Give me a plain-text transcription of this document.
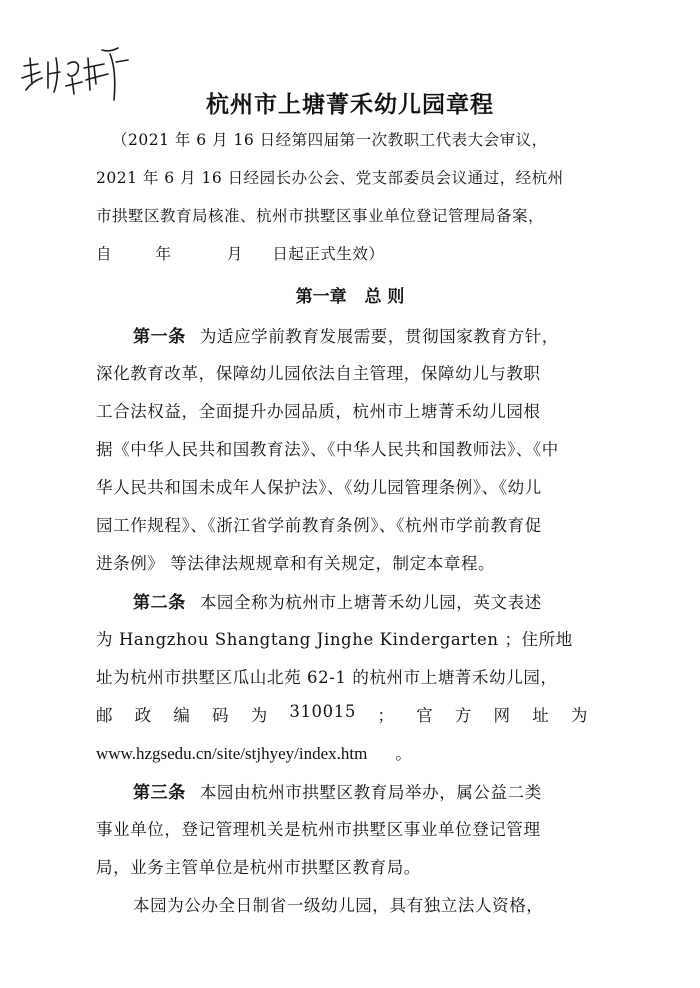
杭州市上塘菁禾幼儿园章程
（2021 年 6 月 16 日经第四届第一次教职工代表大会审议，
2021 年 6 月 16 日经园长办公会、党支部委员会议通过，经杭州
市拱墅区教育局核准、杭州市拱墅区事业单位登记管理局备案，
自	年	月 日起正式生效）
第一章 总 则
第一条 为适应学前教育发展需要，贯彻国家教育方针，
深化教育改革，保障幼儿园依法自主管理，保障幼儿与教职
工合法权益，全面提升办园品质，杭州市上塘菁禾幼儿园根
据《中华人民共和国教育法》、《中华人民共和国教师法》、《中
华人民共和国未成年人保护法》、《幼儿园管理条例》、《幼儿
园工作规程》、《浙江省学前教育条例》、《杭州市学前教育促
进条例》 等法律法规规章和有关规定，制定本章程。
第二条 本园全称为杭州市上塘菁禾幼儿园，英文表述
为 Hangzhou Shangtang Jinghe Kindergarten ；住所地
址为杭州市拱墅区瓜山北苑 62-1 的杭州市上塘菁禾幼儿园，
邮 政 编 码 为 310015 ； 官 方 网 址 为
www.hzgsedu.cn/site/stjhyey/index.htm 。
第三条 本园由杭州市拱墅区教育局举办，属公益二类
事业单位，登记管理机关是杭州市拱墅区事业单位登记管理
局，业务主管单位是杭州市拱墅区教育局。
本园为公办全日制省一级幼儿园，具有独立法人资格，
